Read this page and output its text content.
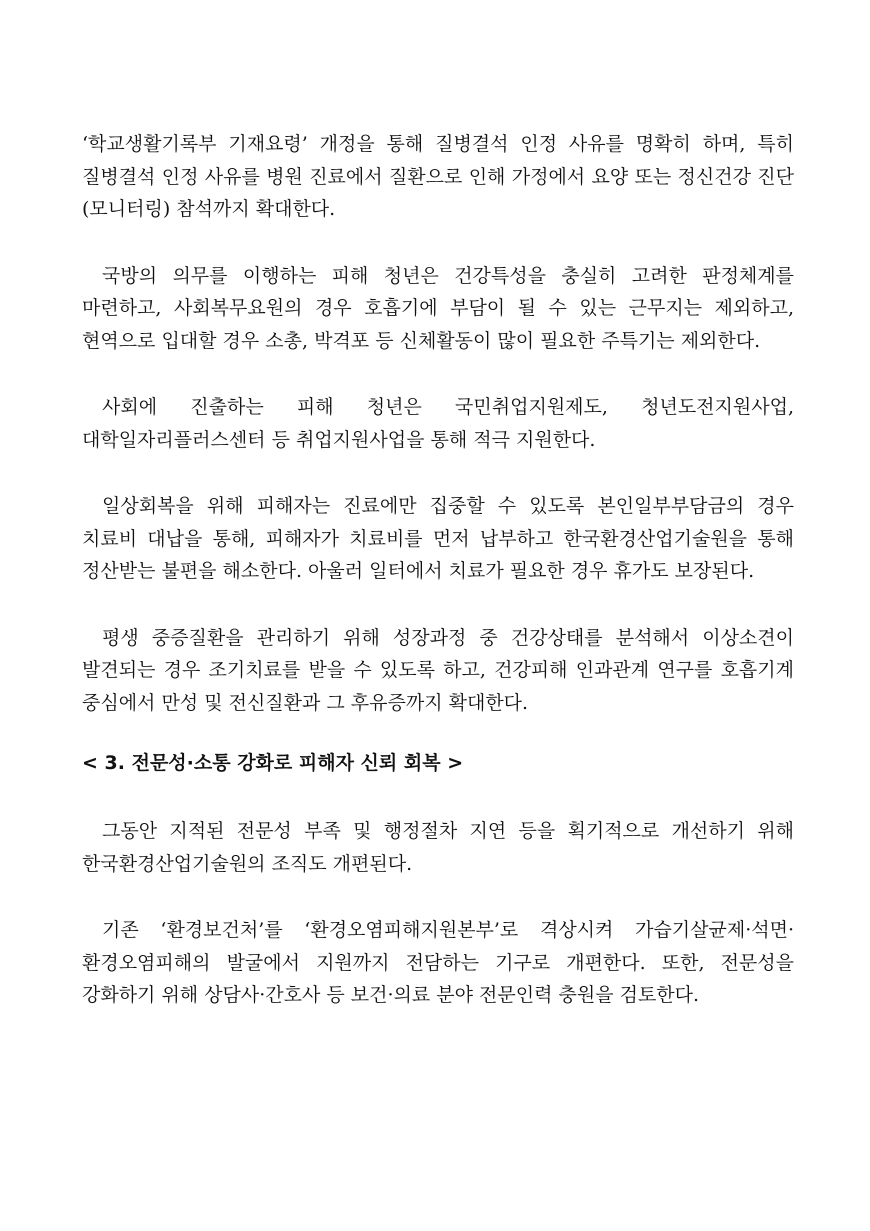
‘학교생활기록부 기재요령’ 개정을 통해 질병결석 인정 사유를 명확히 하며, 특히 질병결석 인정 사유를 병원 진료에서 질환으로 인해 가정에서 요양 또는 정신건강 진단(모니터링) 참석까지 확대한다.

국방의 의무를 이행하는 피해 청년은 건강특성을 충실히 고려한 판정체계를 마련하고, 사회복무요원의 경우 호흡기에 부담이 될 수 있는 근무지는 제외하고, 현역으로 입대할 경우 소총, 박격포 등 신체활동이 많이 필요한 주특기는 제외한다.

사회에 진출하는 피해 청년은 국민취업지원제도, 청년도전지원사업, 대학일자리플러스센터 등 취업지원사업을 통해 적극 지원한다.

일상회복을 위해 피해자는 진료에만 집중할 수 있도록 본인일부부담금의 경우 치료비 대납을 통해, 피해자가 치료비를 먼저 납부하고 한국환경산업기술원을 통해 정산받는 불편을 해소한다. 아울러 일터에서 치료가 필요한 경우 휴가도 보장된다.

평생 중증질환을 관리하기 위해 성장과정 중 건강상태를 분석해서 이상소견이 발견되는 경우 조기치료를 받을 수 있도록 하고, 건강피해 인과관계 연구를 호흡기계 중심에서 만성 및 전신질환과 그 후유증까지 확대한다.

< 3. 전문성·소통 강화로 피해자 신뢰 회복 >

그동안 지적된 전문성 부족 및 행정절차 지연 등을 획기적으로 개선하기 위해 한국환경산업기술원의 조직도 개편된다.

기존 ‘환경보건처’를 ‘환경오염피해지원본부’로 격상시켜 가습기살균제·석면·환경오염피해의 발굴에서 지원까지 전담하는 기구로 개편한다. 또한, 전문성을 강화하기 위해 상담사·간호사 등 보건·의료 분야 전문인력 충원을 검토한다.
